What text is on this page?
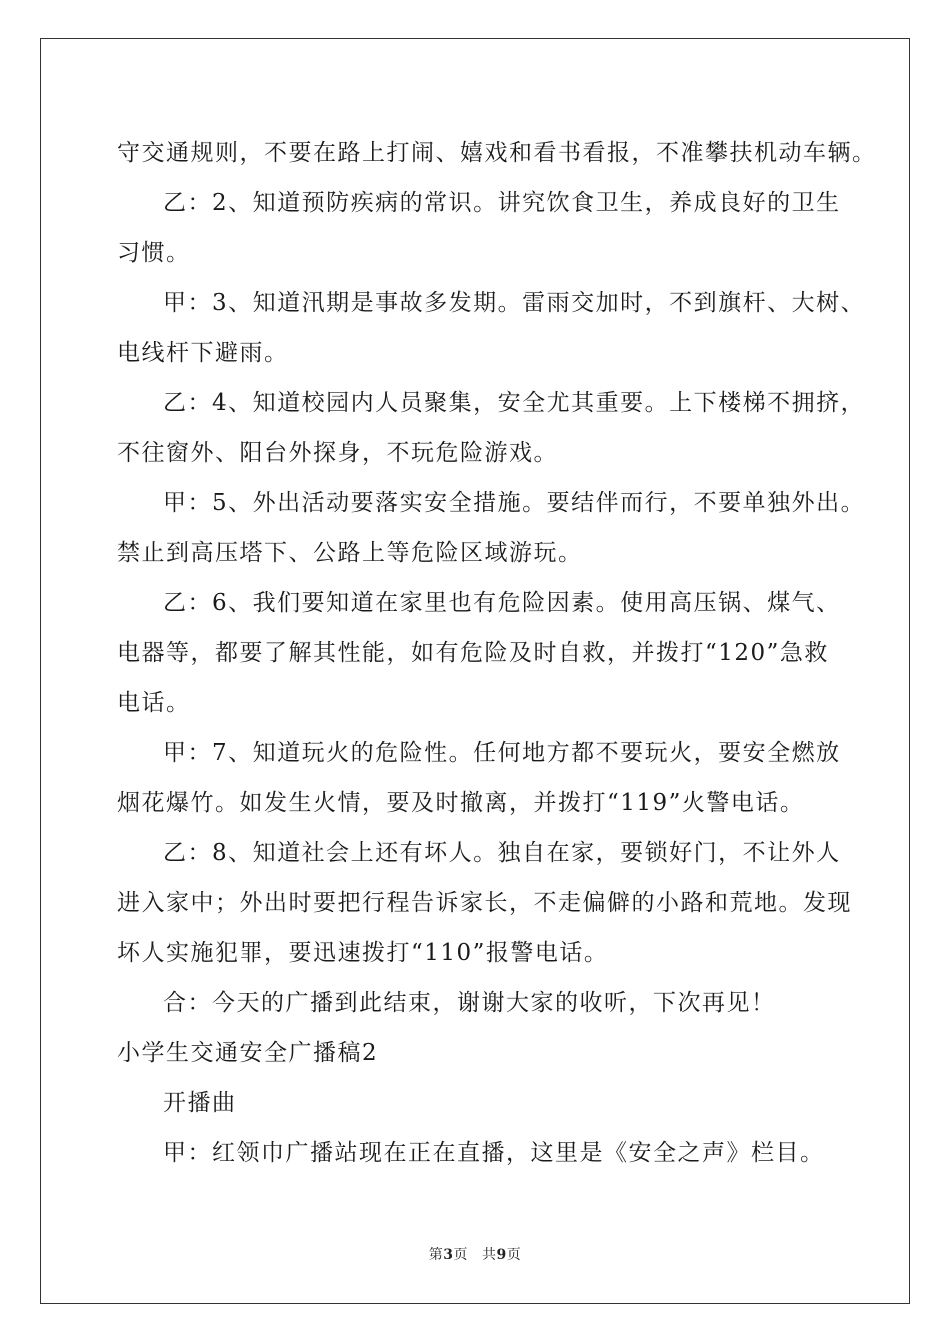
守交通规则，不要在路上打闹、嬉戏和看书看报，不准攀扶机动车辆。
乙：2、知道预防疾病的常识。讲究饮食卫生，养成良好的卫生
习惯。
甲：3、知道汛期是事故多发期。雷雨交加时，不到旗杆、大树、
电线杆下避雨。
乙：4、知道校园内人员聚集，安全尤其重要。上下楼梯不拥挤，
不往窗外、阳台外探身，不玩危险游戏。
甲：5、外出活动要落实安全措施。要结伴而行，不要单独外出。
禁止到高压塔下、公路上等危险区域游玩。
乙：6、我们要知道在家里也有危险因素。使用高压锅、煤气、
电器等，都要了解其性能，如有危险及时自救，并拨打“120”急救
电话。
甲：7、知道玩火的危险性。任何地方都不要玩火，要安全燃放
烟花爆竹。如发生火情，要及时撤离，并拨打“119”火警电话。
乙：8、知道社会上还有坏人。独自在家，要锁好门，不让外人
进入家中；外出时要把行程告诉家长，不走偏僻的小路和荒地。发现
坏人实施犯罪，要迅速拨打“110”报警电话。
合：今天的广播到此结束，谢谢大家的收听，下次再见！
小学生交通安全广播稿2
开播曲
甲：红领巾广播站现在正在直播，这里是《安全之声》栏目。
第3页 共9页
